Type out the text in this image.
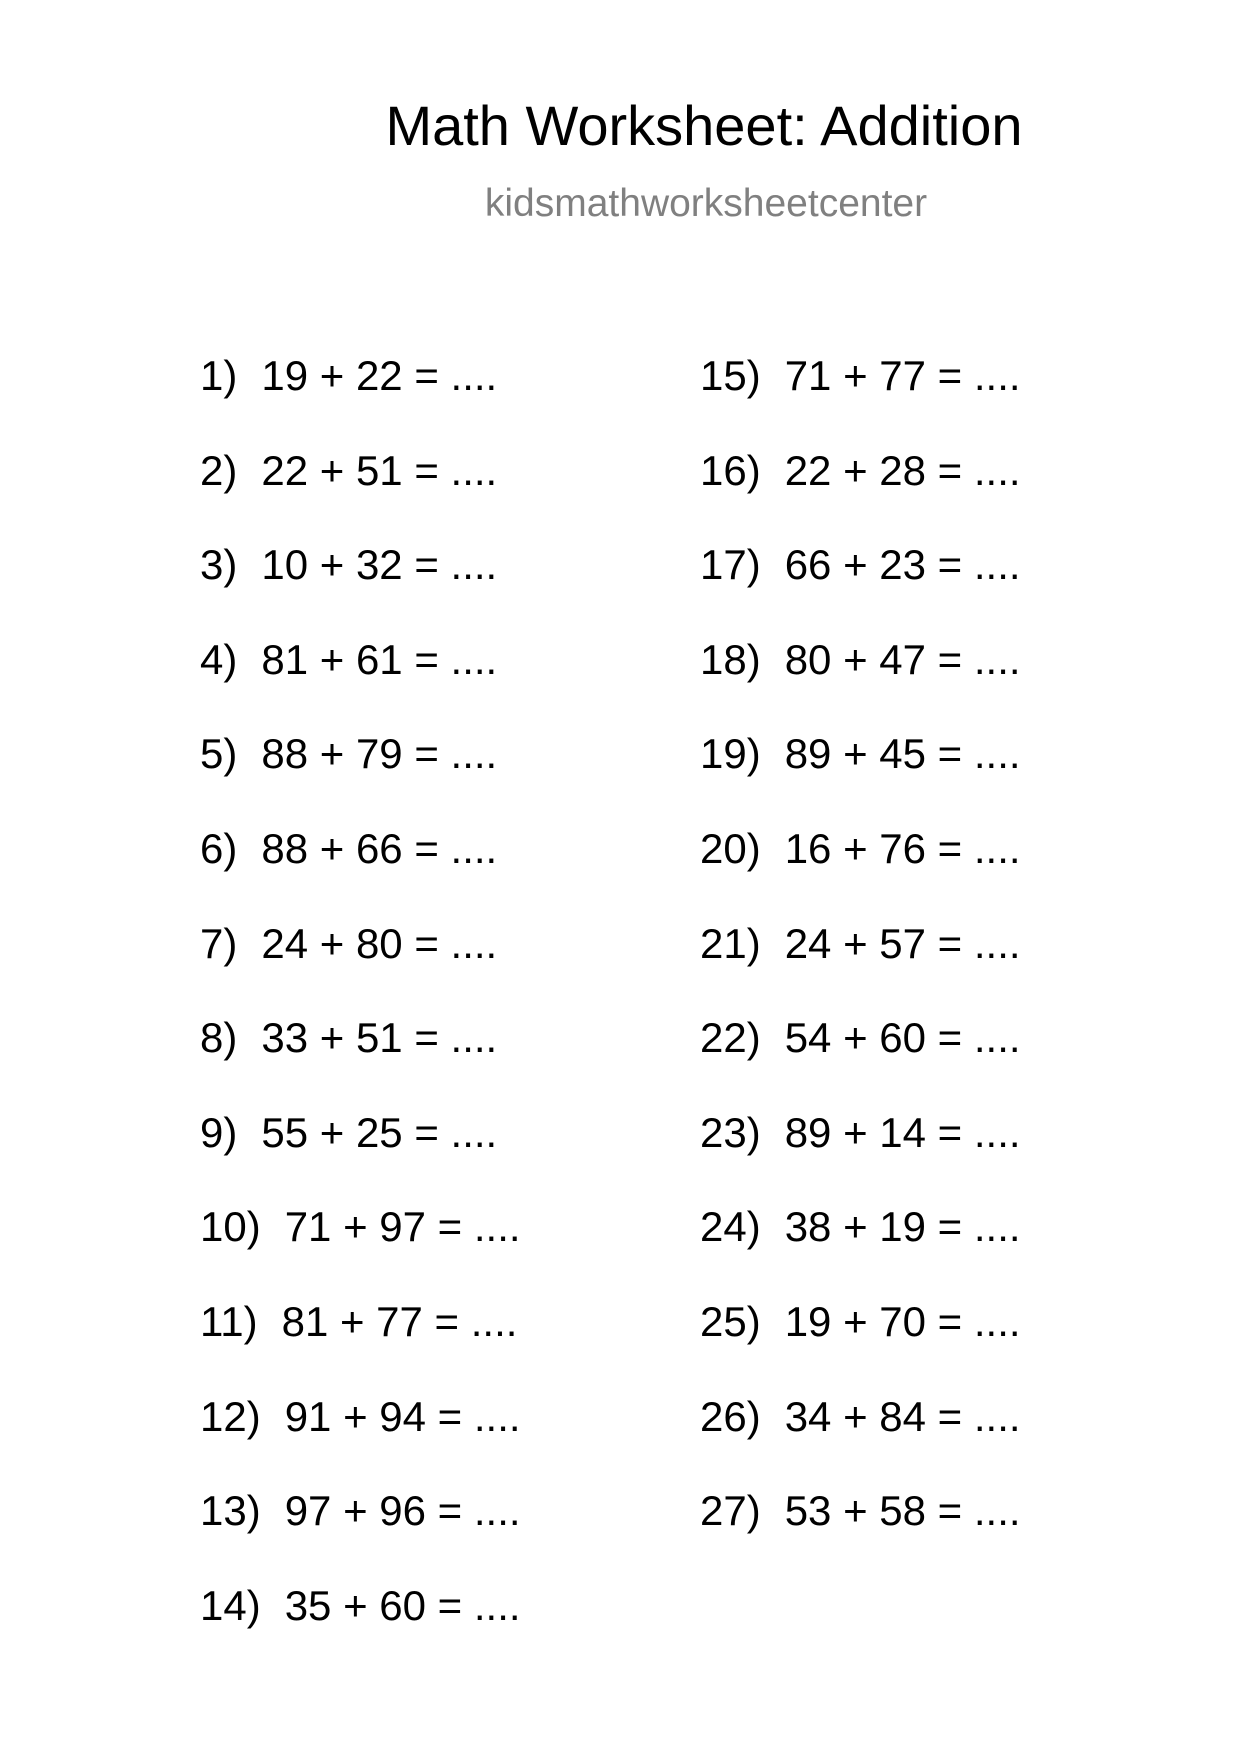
Math Worksheet: Addition
kidsmathworksheetcenter
1) 19 + 22 = ....
2) 22 + 51 = ....
3) 10 + 32 = ....
4) 81 + 61 = ....
5) 88 + 79 = ....
6) 88 + 66 = ....
7) 24 + 80 = ....
8) 33 + 51 = ....
9) 55 + 25 = ....
10) 71 + 97 = ....
11) 81 + 77 = ....
12) 91 + 94 = ....
13) 97 + 96 = ....
14) 35 + 60 = ....
15) 71 + 77 = ....
16) 22 + 28 = ....
17) 66 + 23 = ....
18) 80 + 47 = ....
19) 89 + 45 = ....
20) 16 + 76 = ....
21) 24 + 57 = ....
22) 54 + 60 = ....
23) 89 + 14 = ....
24) 38 + 19 = ....
25) 19 + 70 = ....
26) 34 + 84 = ....
27) 53 + 58 = ....
